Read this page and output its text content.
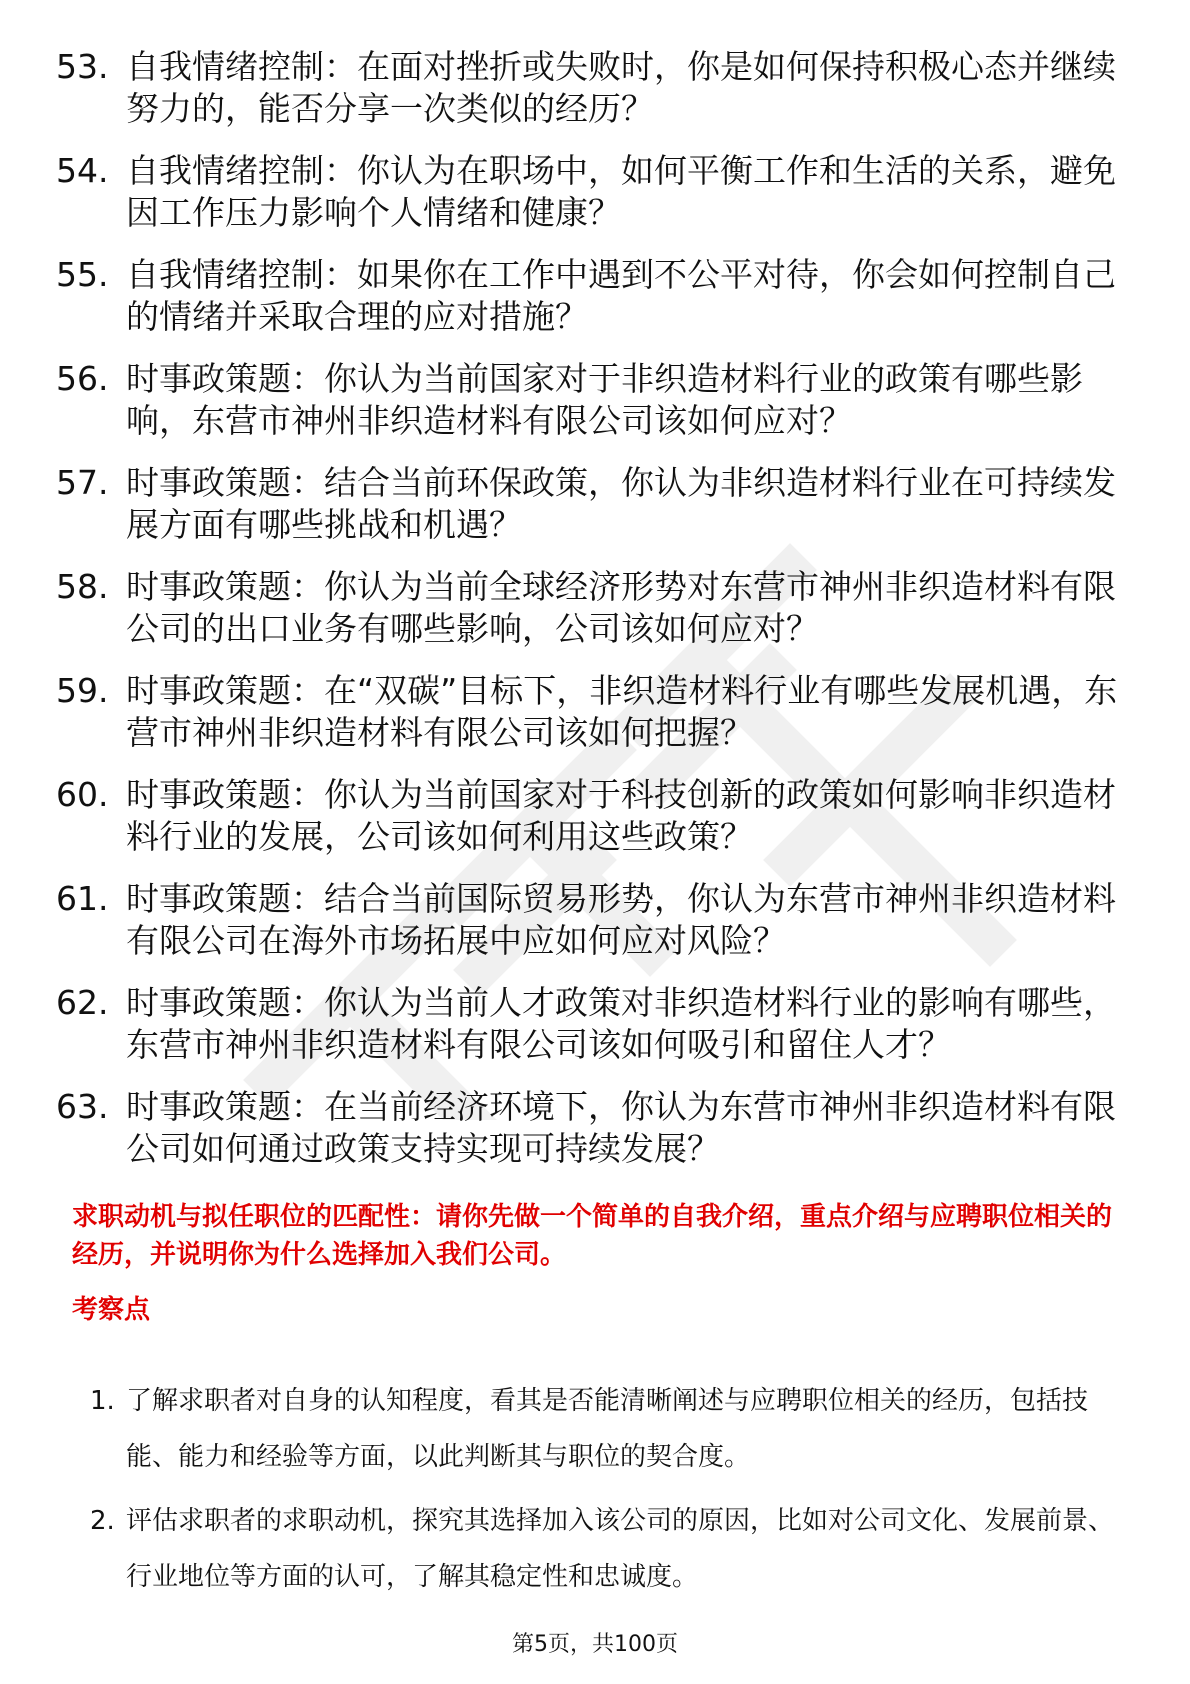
53. 自我情绪控制：在面对挫折或失败时，你是如何保持积极心态并继续努力的，能否分享一次类似的经历？
54. 自我情绪控制：你认为在职场中，如何平衡工作和生活的关系，避免因工作压力影响个人情绪和健康？
55. 自我情绪控制：如果你在工作中遇到不公平对待，你会如何控制自己的情绪并采取合理的应对措施？
56. 时事政策题：你认为当前国家对于非织造材料行业的政策有哪些影响，东营市神州非织造材料有限公司该如何应对？
57. 时事政策题：结合当前环保政策，你认为非织造材料行业在可持续发展方面有哪些挑战和机遇？
58. 时事政策题：你认为当前全球经济形势对东营市神州非织造材料有限公司的出口业务有哪些影响，公司该如何应对？
59. 时事政策题：在“双碳”目标下，非织造材料行业有哪些发展机遇，东营市神州非织造材料有限公司该如何把握？
60. 时事政策题：你认为当前国家对于科技创新的政策如何影响非织造材料行业的发展，公司该如何利用这些政策？
61. 时事政策题：结合当前国际贸易形势，你认为东营市神州非织造材料有限公司在海外市场拓展中应如何应对风险？
62. 时事政策题：你认为当前人才政策对非织造材料行业的影响有哪些，东营市神州非织造材料有限公司该如何吸引和留住人才？
63. 时事政策题：在当前经济环境下，你认为东营市神州非织造材料有限公司如何通过政策支持实现可持续发展？

求职动机与拟任职位的匹配性：请你先做一个简单的自我介绍，重点介绍与应聘职位相关的经历，并说明你为什么选择加入我们公司。

考察点

1. 了解求职者对自身的认知程度，看其是否能清晰阐述与应聘职位相关的经历，包括技能、能力和经验等方面，以此判断其与职位的契合度。
2. 评估求职者的求职动机，探究其选择加入该公司的原因，比如对公司文化、发展前景、行业地位等方面的认可，了解其稳定性和忠诚度。
第5页，共100页
